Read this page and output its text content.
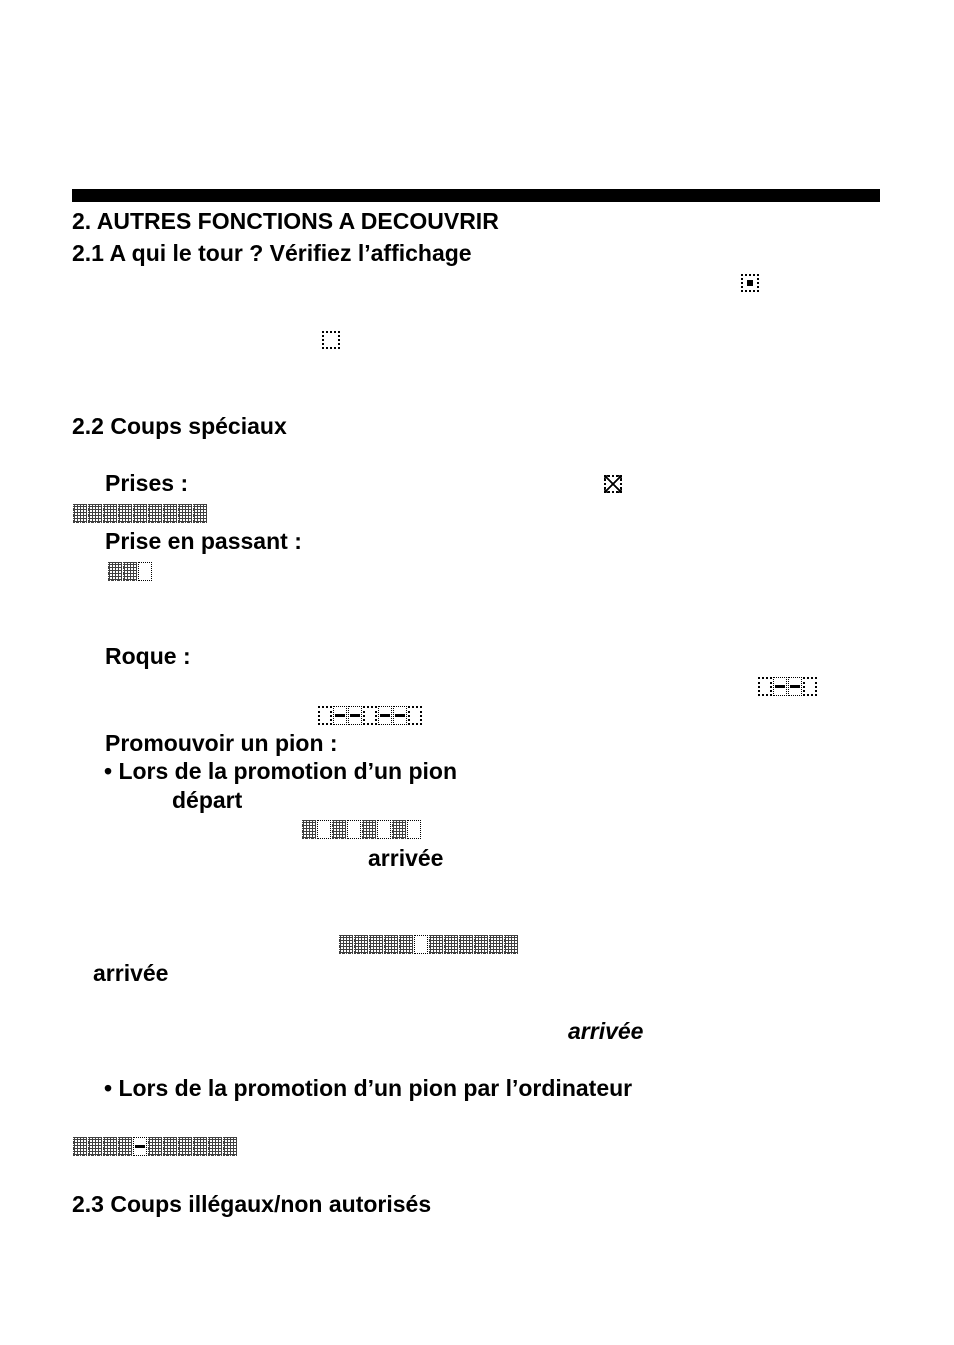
2. AUTRES FONCTIONS A DECOUVRIR
2.1 A qui le tour ? Vérifiez l’affichage
2.2 Coups spéciaux
Prises :
Prise en passant :
Roque :
Promouvoir un pion :
• Lors de la promotion d’un pion
départ
arrivée
arrivée
arrivée
• Lors de la promotion d’un pion par l’ordinateur
2.3 Coups illégaux/non autorisés
